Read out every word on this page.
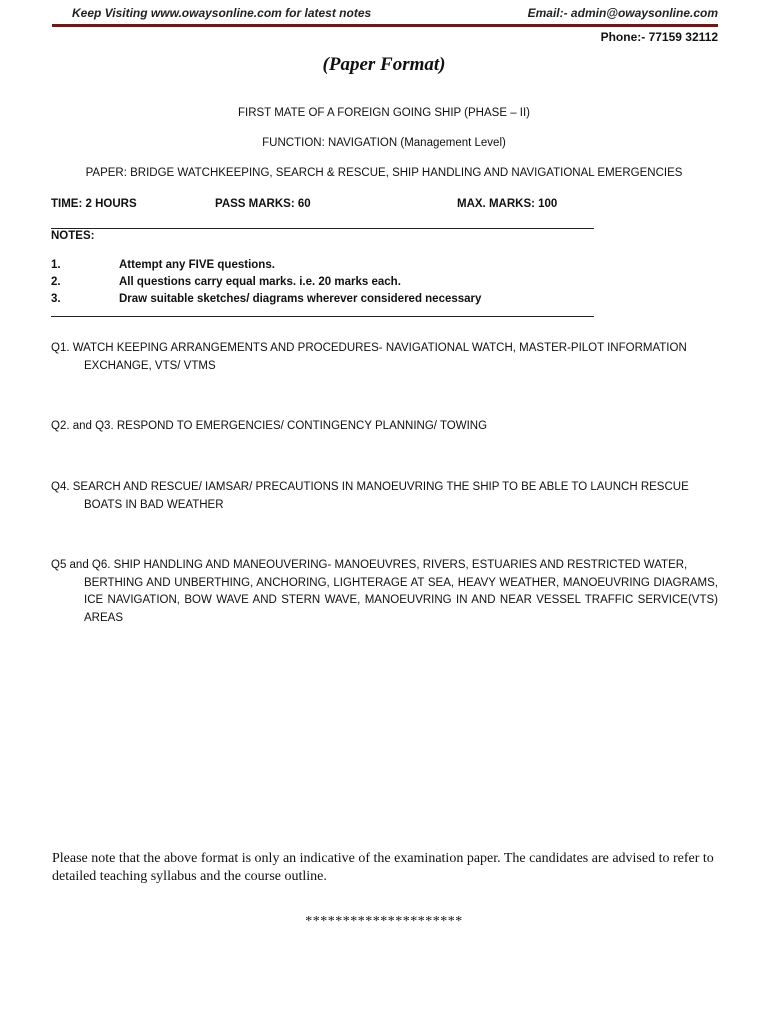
Keep Visiting www.owaysonline.com for latest notes	Email:- admin@owaysonline.com
Phone:- 77159 32112
(Paper Format)
FIRST MATE OF A FOREIGN GOING SHIP (PHASE – II)
FUNCTION: NAVIGATION (Management Level)
PAPER: BRIDGE WATCHKEEPING, SEARCH & RESCUE, SHIP HANDLING AND NAVIGATIONAL EMERGENCIES
TIME: 2 HOURS	PASS MARKS: 60	MAX. MARKS: 100
NOTES:
1.	Attempt any FIVE questions.
2.	All questions carry equal marks. i.e. 20 marks each.
3.	Draw suitable sketches/ diagrams wherever considered necessary
Q1. WATCH KEEPING ARRANGEMENTS AND PROCEDURES- NAVIGATIONAL WATCH, MASTER-PILOT INFORMATION
EXCHANGE, VTS/ VTMS
Q2. and Q3. RESPOND TO EMERGENCIES/ CONTINGENCY PLANNING/ TOWING
Q4. SEARCH AND RESCUE/ IAMSAR/ PRECAUTIONS IN MANOEUVRING THE SHIP TO BE ABLE TO LAUNCH RESCUE
BOATS IN BAD WEATHER
Q5 and Q6. SHIP HANDLING AND MANEOUVERING- MANOEUVRES, RIVERS, ESTUARIES AND RESTRICTED WATER,
BERTHING AND UNBERTHING, ANCHORING, LIGHTERAGE AT SEA, HEAVY WEATHER, MANOEUVRING DIAGRAMS, ICE NAVIGATION, BOW WAVE AND STERN WAVE, MANOEUVRING IN AND NEAR VESSEL TRAFFIC SERVICE(VTS) AREAS
Please note that the above format is only an indicative of the examination paper. The candidates are advised to refer to detailed teaching syllabus and the course outline.
*********************
